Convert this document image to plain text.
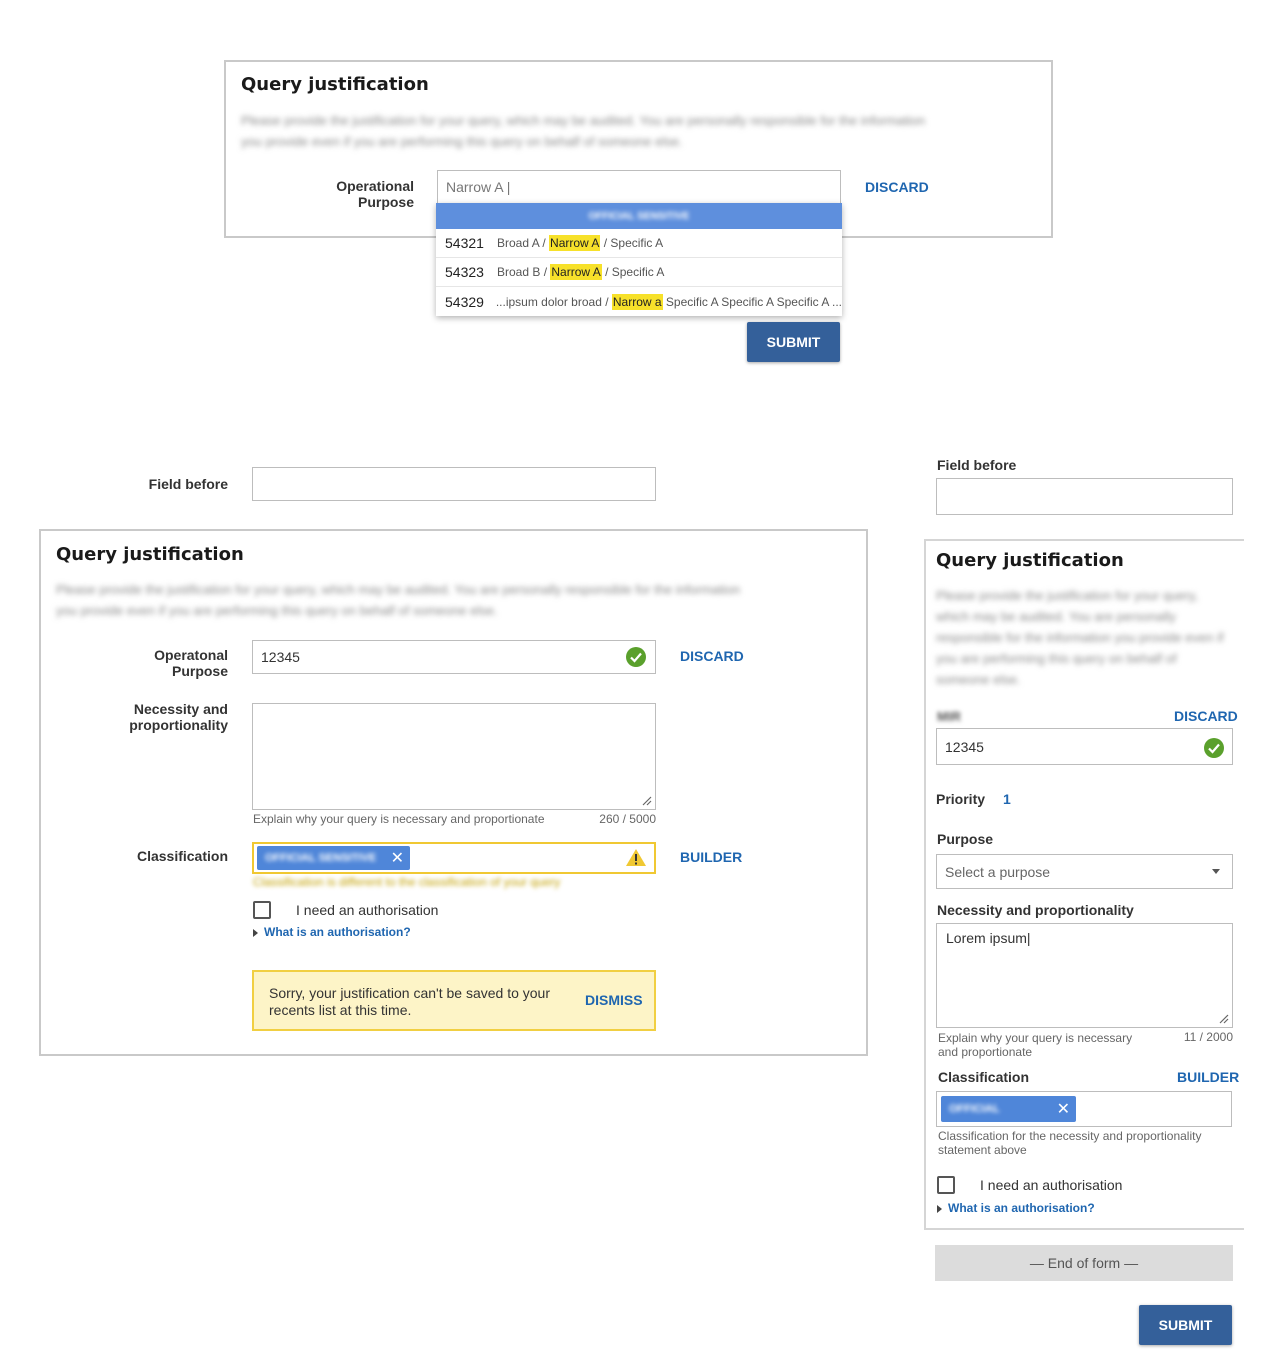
Query justification
Please provide the justification for your query, which may be audited. You are personally responsible for the information you provide even if you are performing this query on behalf of someone else.
Operational
Purpose
Narrow A |	DISCARD
OFFICIAL SENSITIVE
54321	Broad A / Narrow A / Specific A
54323	Broad B / Narrow A / Specific A
54329 ...ipsum dolor broad / Narrow a Specific A Specific A Specific A ...
SUBMIT
Field before
Query justification
Please provide the justification for your query, which may be audited. You are personally responsible for the information you provide even if you are performing this query on behalf of someone else.
Operatonal
Purpose
12345	DISCARD
Necessity and
proportionality
Explain why your query is necessary and proportionate	260 / 5000
Classification	OFFICIAL SENSITIVE ✕	BUILDER
Classification is different to the classification of your query
I need an authorisation
What is an authorisation?
Sorry, your justification can't be saved to your recents list at this time.
DISMISS
Field before
Query justification
Please provide the justification for your query, which may be audited. You are personally responsible for the information you provide even if you are performing this query on behalf of someone else.
MIR	DISCARD
12345
Priority 1
Purpose
Select a purpose
Necessity and proportionality
Lorem ipsum|
Explain why your query is necessary and proportionate
11 / 2000
Classification	BUILDER
OFFICIAL	✕
Classification for the necessity and proportionality statement above
I need an authorisation
What is an authorisation?
— End of form —
SUBMIT
